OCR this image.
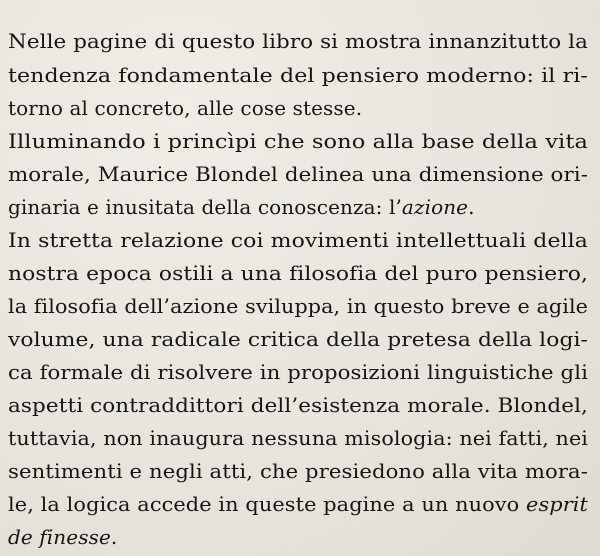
Nelle pagine di questo libro si mostra innanzitutto la
tendenza fondamentale del pensiero moderno: il ri-
torno al concreto, alle cose stesse.
Illuminando i princìpi che sono alla base della vita
morale, Maurice Blondel delinea una dimensione ori-
ginaria e inusitata della conoscenza: l’azione.
In stretta relazione coi movimenti intellettuali della
nostra epoca ostili a una filosofia del puro pensiero,
la filosofia dell’azione sviluppa, in questo breve e agile
volume, una radicale critica della pretesa della logi-
ca formale di risolvere in proposizioni linguistiche gli
aspetti contraddittori dell’esistenza morale. Blondel,
tuttavia, non inaugura nessuna misologia: nei fatti, nei
sentimenti e negli atti, che presiedono alla vita mora-
le, la logica accede in queste pagine a un nuovo esprit
de finesse.
